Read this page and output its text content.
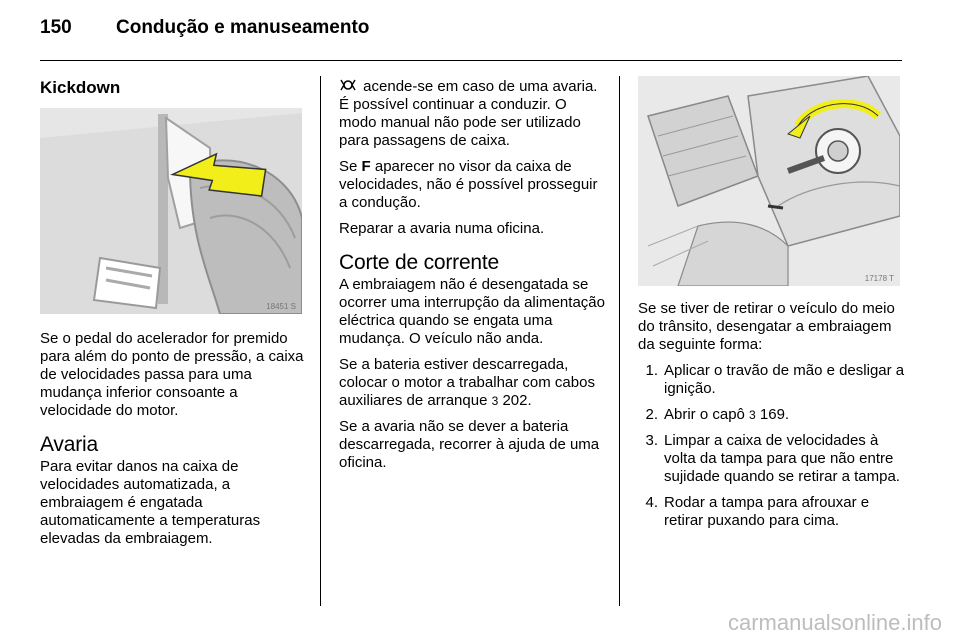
150 Condução e manuseamento
Kickdown
18451 S

Se o pedal do acelerador for premido para além do ponto de pressão, a caixa de velocidades passa para uma mudança inferior consoante a velocidade do motor.

Avaria

Para evitar danos na caixa de velocidades automatizada, a embraiagem é engatada automaticamente a temperaturas elevadas da embraiagem.

acende-se em caso de uma avaria. É possível continuar a conduzir. O modo manual não pode ser utilizado para passagens de caixa.

Se F aparecer no visor da caixa de velocidades, não é possível prosseguir a condução.

Reparar a avaria numa oficina.

Corte de corrente

A embraiagem não é desengatada se ocorrer uma interrupção da alimentação eléctrica quando se engata uma mudança. O veículo não anda.

Se a bateria estiver descarregada, colocar o motor a trabalhar com cabos auxiliares de arranque 3 202.

Se a avaria não se dever a bateria descarregada, recorrer à ajuda de uma oficina.

17178 T

Se se tiver de retirar o veículo do meio do trânsito, desengatar a embraiagem da seguinte forma:

1. Aplicar o travão de mão e desligar a ignição.
2. Abrir o capô 3 169.
3. Limpar a caixa de velocidades à volta da tampa para que não entre sujidade quando se retirar a tampa.
4. Rodar a tampa para afrouxar e retirar puxando para cima.
carmanualsonline.info
